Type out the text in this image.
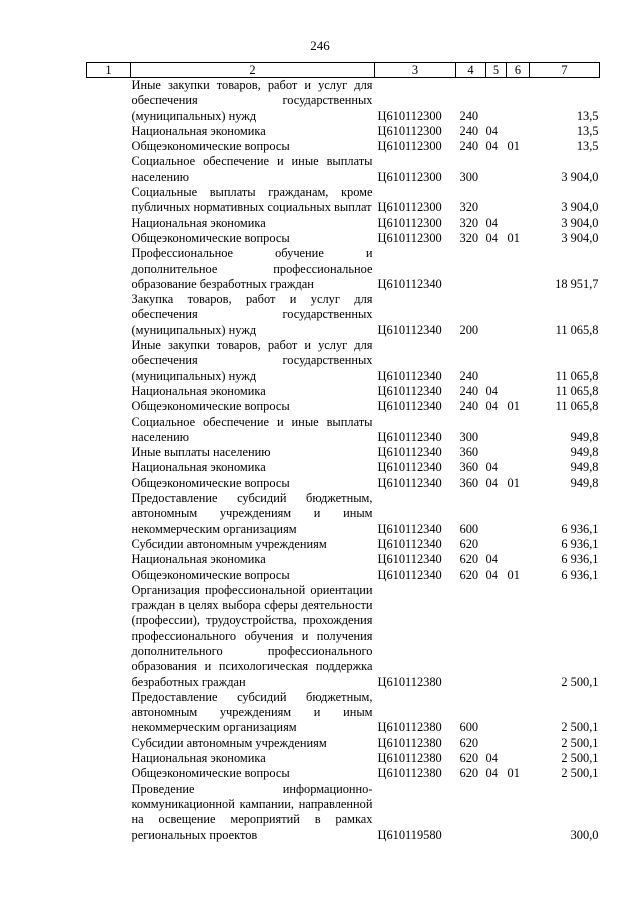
246
1	2	3	4	5	6	7
	Иные закупки товаров, работ и услуг для обеспечения государственных (муниципальных) нужд	Ц610112300	240			13,5
	Национальная экономика	Ц610112300	240	04		13,5
	Общеэкономические вопросы	Ц610112300	240	04	01	13,5
	Социальное обеспечение и иные выплаты населению	Ц610112300	300			3 904,0
	Социальные выплаты гражданам, кроме публичных нормативных социальных выплат	Ц610112300	320			3 904,0
	Национальная экономика	Ц610112300	320	04		3 904,0
	Общеэкономические вопросы	Ц610112300	320	04	01	3 904,0
	Профессиональное обучение и дополнительное профессиональное образование безработных граждан	Ц610112340				18 951,7
	Закупка товаров, работ и услуг для обеспечения государственных (муниципальных) нужд	Ц610112340	200			11 065,8
	Иные закупки товаров, работ и услуг для обеспечения государственных (муниципальных) нужд	Ц610112340	240			11 065,8
	Национальная экономика	Ц610112340	240	04		11 065,8
	Общеэкономические вопросы	Ц610112340	240	04	01	11 065,8
	Социальное обеспечение и иные выплаты населению	Ц610112340	300			949,8
	Иные выплаты населению	Ц610112340	360			949,8
	Национальная экономика	Ц610112340	360	04		949,8
	Общеэкономические вопросы	Ц610112340	360	04	01	949,8
	Предоставление субсидий бюджетным, автономным учреждениям и иным некоммерческим организациям	Ц610112340	600			6 936,1
	Субсидии автономным учреждениям	Ц610112340	620			6 936,1
	Национальная экономика	Ц610112340	620	04		6 936,1
	Общеэкономические вопросы	Ц610112340	620	04	01	6 936,1
	Организация профессиональной ориентации граждан в целях выбора сферы деятельности (профессии), трудоустройства, прохождения профессионального обучения и получения дополнительного профессионального образования и психологическая поддержка безработных граждан	Ц610112380				2 500,1
	Предоставление субсидий бюджетным, автономным учреждениям и иным некоммерческим организациям	Ц610112380	600			2 500,1
	Субсидии автономным учреждениям	Ц610112380	620			2 500,1
	Национальная экономика	Ц610112380	620	04		2 500,1
	Общеэкономические вопросы	Ц610112380	620	04	01	2 500,1
	Проведение информационно-коммуникационной кампании, направленной на освещение мероприятий в рамках региональных проектов	Ц610119580				300,0
